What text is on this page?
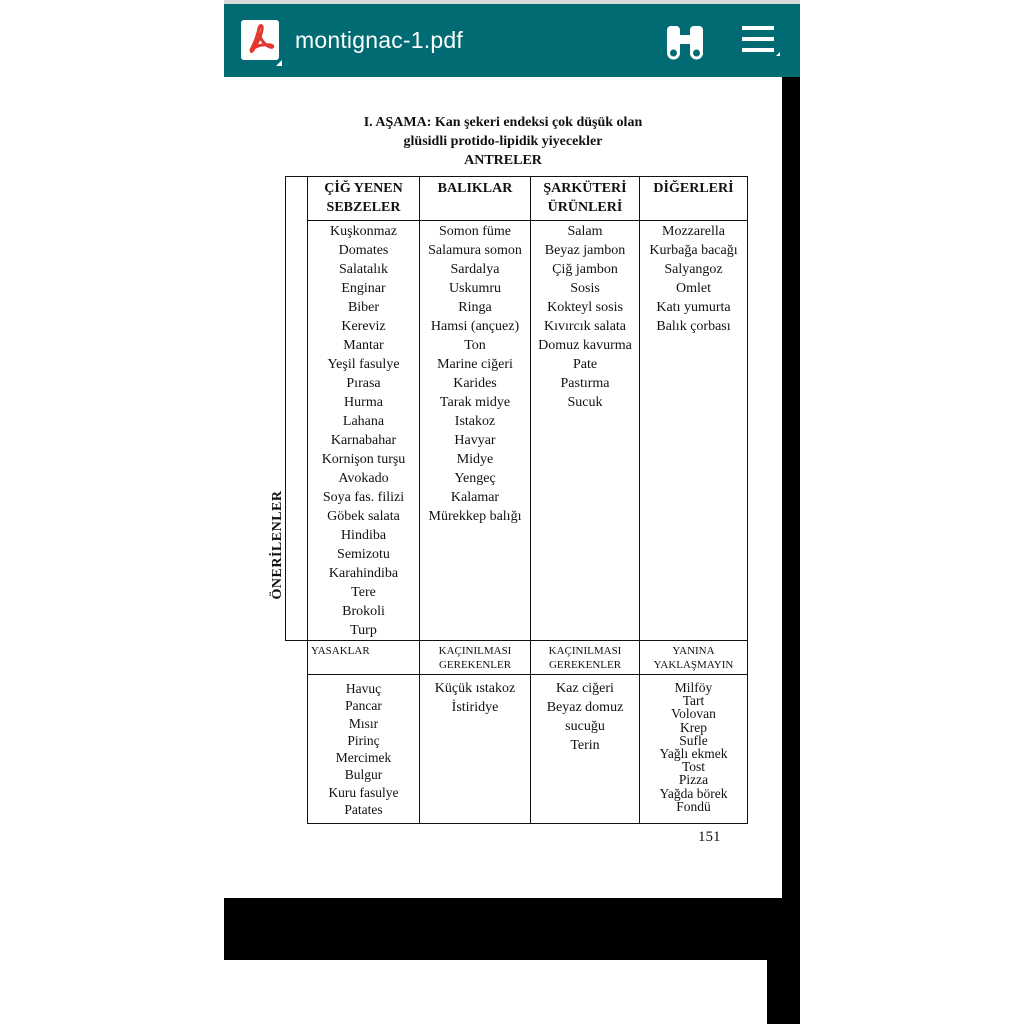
montignac-1.pdf
I. AŞAMA: Kan şekeri endeksi çok düşük olan
glüsidli protido-lipidik yiyecekler
ANTRELER
ÖNERİLENLER
ÇİĞ YENEN
SEBZELER
BALIKLAR	ŞARKÜTERİ
ÜRÜNLERİ
DİĞERLERİ
Kuşkonmaz
Domates
Salatalık
Enginar
Biber
Kereviz
Mantar
Yeşil fasulye
Pırasa
Hurma
Lahana
Karnabahar
Kornişon turşu
Avokado
Soya fas. filizi
Göbek salata
Hindiba
Semizotu
Karahindiba
Tere
Brokoli
Turp
Somon füme
Salamura somon
Sardalya
Uskumru
Ringa
Hamsi (ançuez)
Ton
Marine ciğeri
Karides
Tarak midye
Istakoz
Havyar
Midye
Yengeç
Kalamar
Mürekkep balığı
Salam
Beyaz jambon
Çiğ jambon
Sosis
Kokteyl sosis
Kıvırcık salata
Domuz kavurma
Pate
Pastırma
Sucuk
Mozzarella
Kurbağa bacağı
Salyangoz
Omlet
Katı yumurta
Balık çorbası
YASAKLAR	KAÇINILMASI
GEREKENLER
KAÇINILMASI
GEREKENLER
YANINA
YAKLAŞMAYIN
Havuç
Pancar
Mısır
Pirinç
Mercimek
Bulgur
Kuru fasulye
Patates
Küçük ıstakoz
İstiridye
Kaz ciğeri
Beyaz domuz
sucuğu
Terin
Milföy
Tart
Volovan
Krep
Sufle
Yağlı ekmek
Tost
Pizza
Yağda börek
Fondü
151
